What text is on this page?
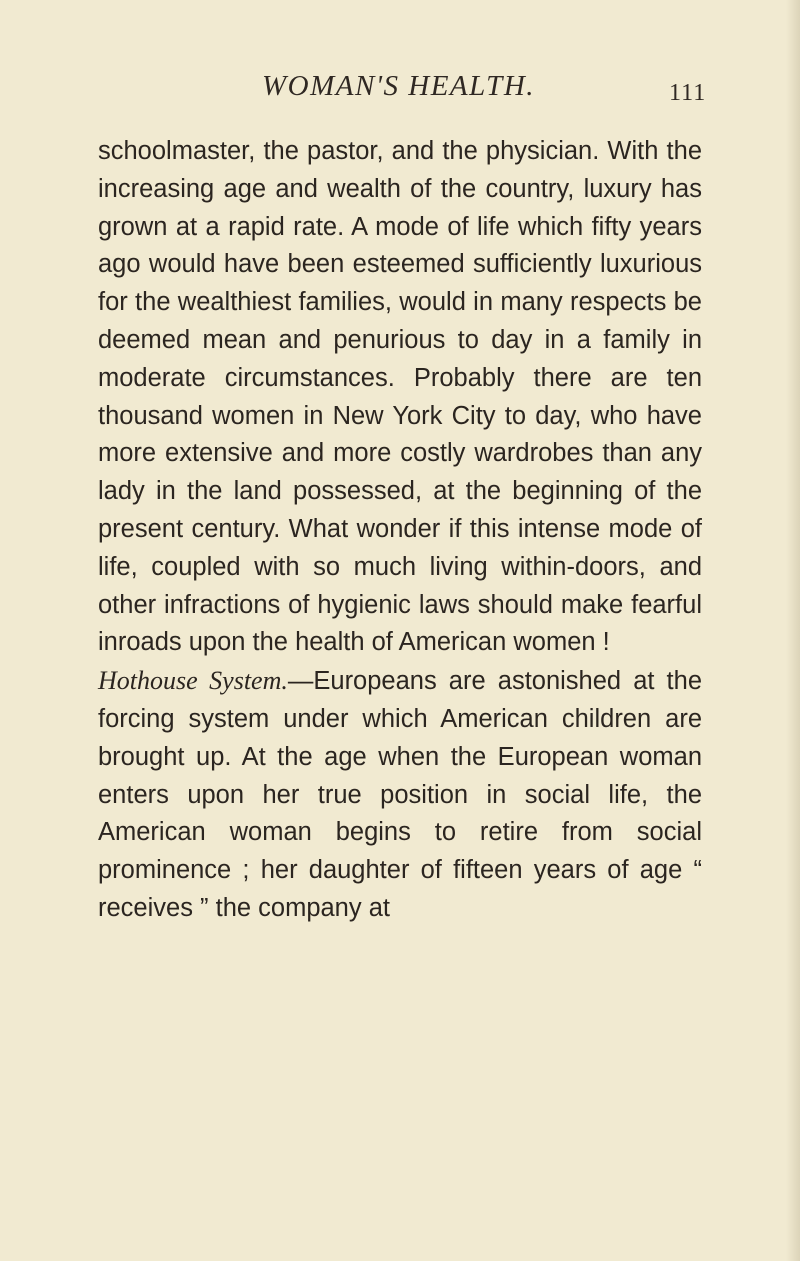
WOMAN'S HEALTH.	111

schoolmaster, the pastor, and the physician. With the increasing age and wealth of the country, luxury has grown at a rapid rate. A mode of life which fifty years ago would have been esteemed sufficiently luxurious for the wealthiest families, would in many respects be deemed mean and penurious to day in a family in moderate circumstances. Probably there are ten thousand women in New York City to day, who have more extensive and more costly wardrobes than any lady in the land possessed, at the beginning of the present century. What wonder if this intense mode of life, coupled with so much living within-doors, and other infractions of hygienic laws should make fearful inroads upon the health of American women !

Hothouse System.—Europeans are astonished at the forcing system under which American children are brought up. At the age when the European woman enters upon her true position in social life, the American woman begins to retire from social prominence ; her daughter of fifteen years of age “ receives ” the company at
